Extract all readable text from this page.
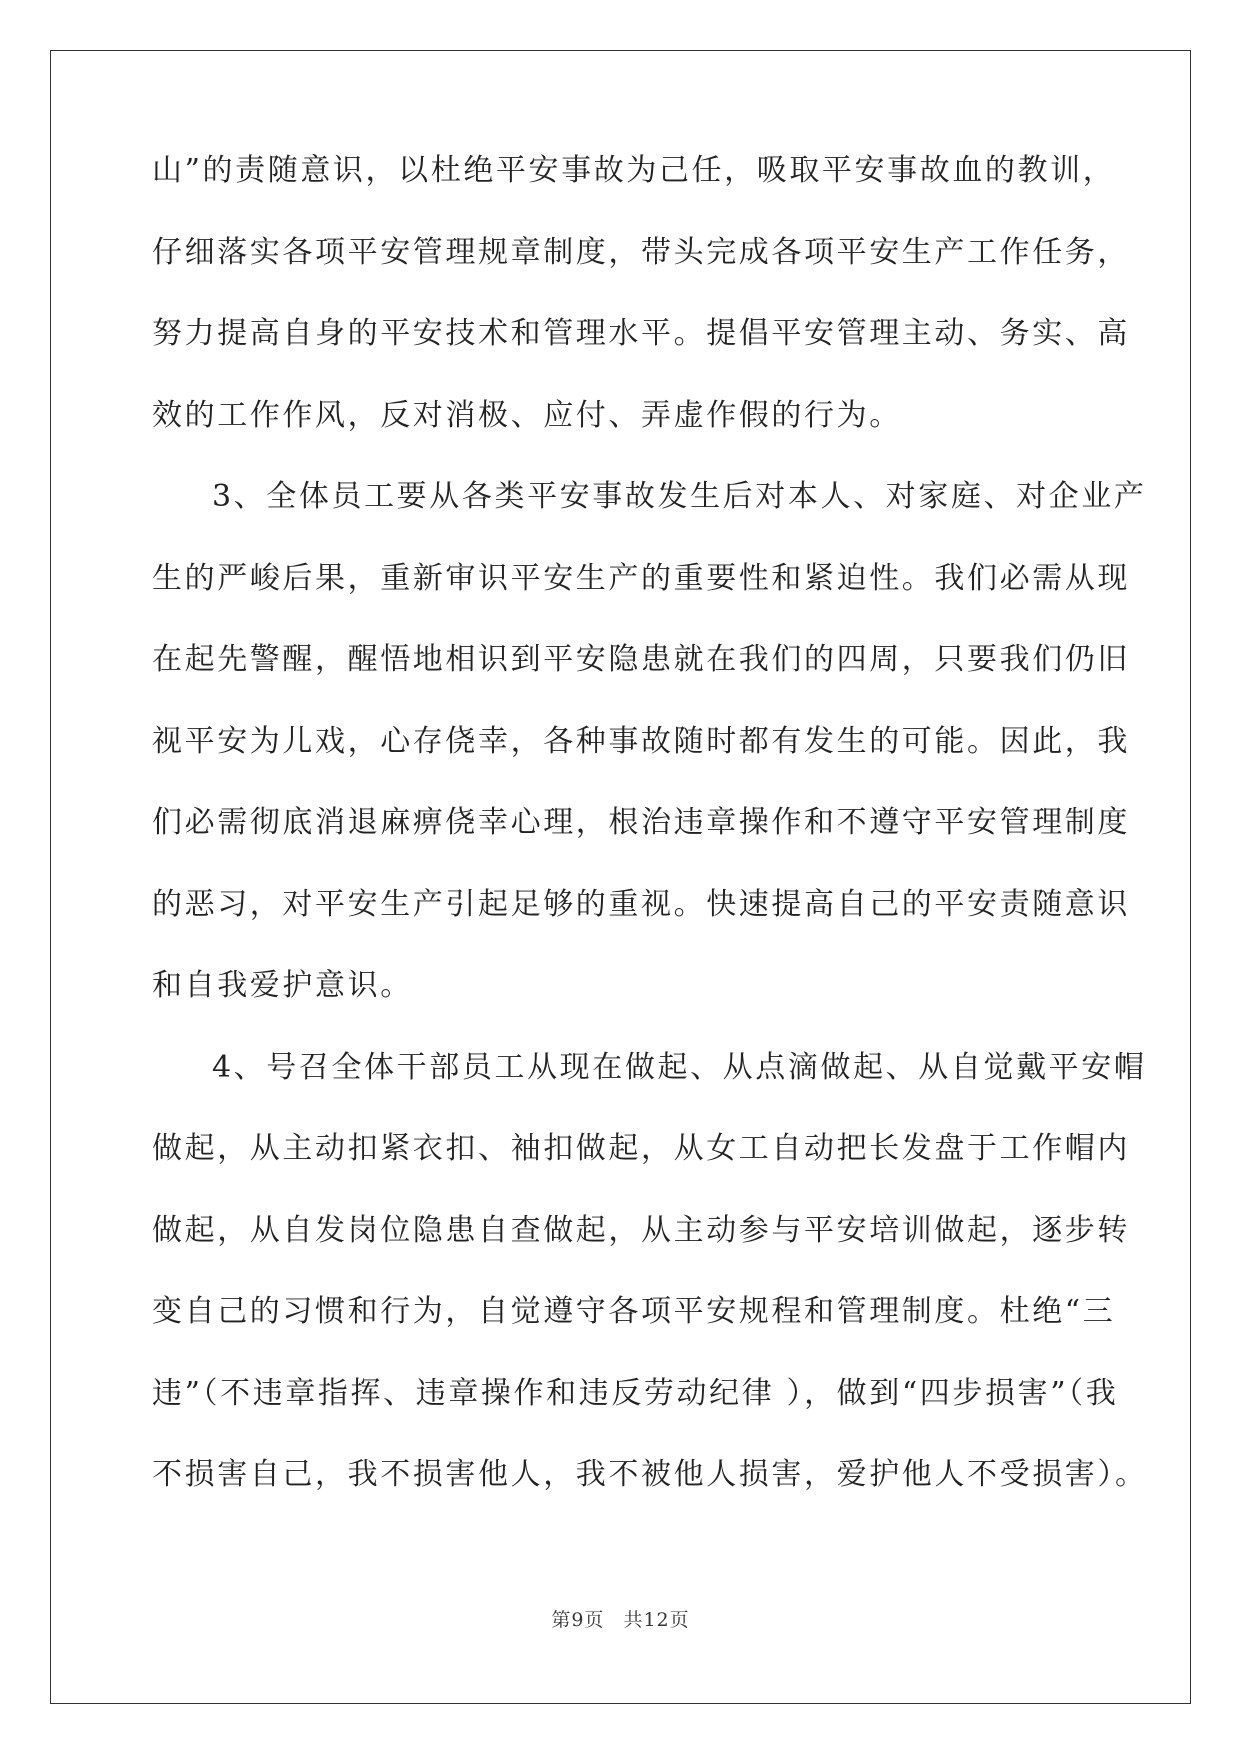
山”的责随意识，以杜绝平安事故为己任，吸取平安事故血的教训，
仔细落实各项平安管理规章制度，带头完成各项平安生产工作任务，
努力提高自身的平安技术和管理水平。提倡平安管理主动、务实、高
效的工作作风，反对消极、应付、弄虚作假的行为。
3、全体员工要从各类平安事故发生后对本人、对家庭、对企业产
生的严峻后果，重新审识平安生产的重要性和紧迫性。我们必需从现
在起先警醒，醒悟地相识到平安隐患就在我们的四周，只要我们仍旧
视平安为儿戏，心存侥幸，各种事故随时都有发生的可能。因此，我
们必需彻底消退麻痹侥幸心理，根治违章操作和不遵守平安管理制度
的恶习，对平安生产引起足够的重视。快速提高自己的平安责随意识
和自我爱护意识。
4、号召全体干部员工从现在做起、从点滴做起、从自觉戴平安帽
做起，从主动扣紧衣扣、袖扣做起，从女工自动把长发盘于工作帽内
做起，从自发岗位隐患自查做起，从主动参与平安培训做起，逐步转
变自己的习惯和行为，自觉遵守各项平安规程和管理制度。杜绝“三
违”（不违章指挥、违章操作和违反劳动纪律 ），做到“四步损害”（我
不损害自己，我不损害他人，我不被他人损害，爱护他人不受损害）。
第9页 共12页
